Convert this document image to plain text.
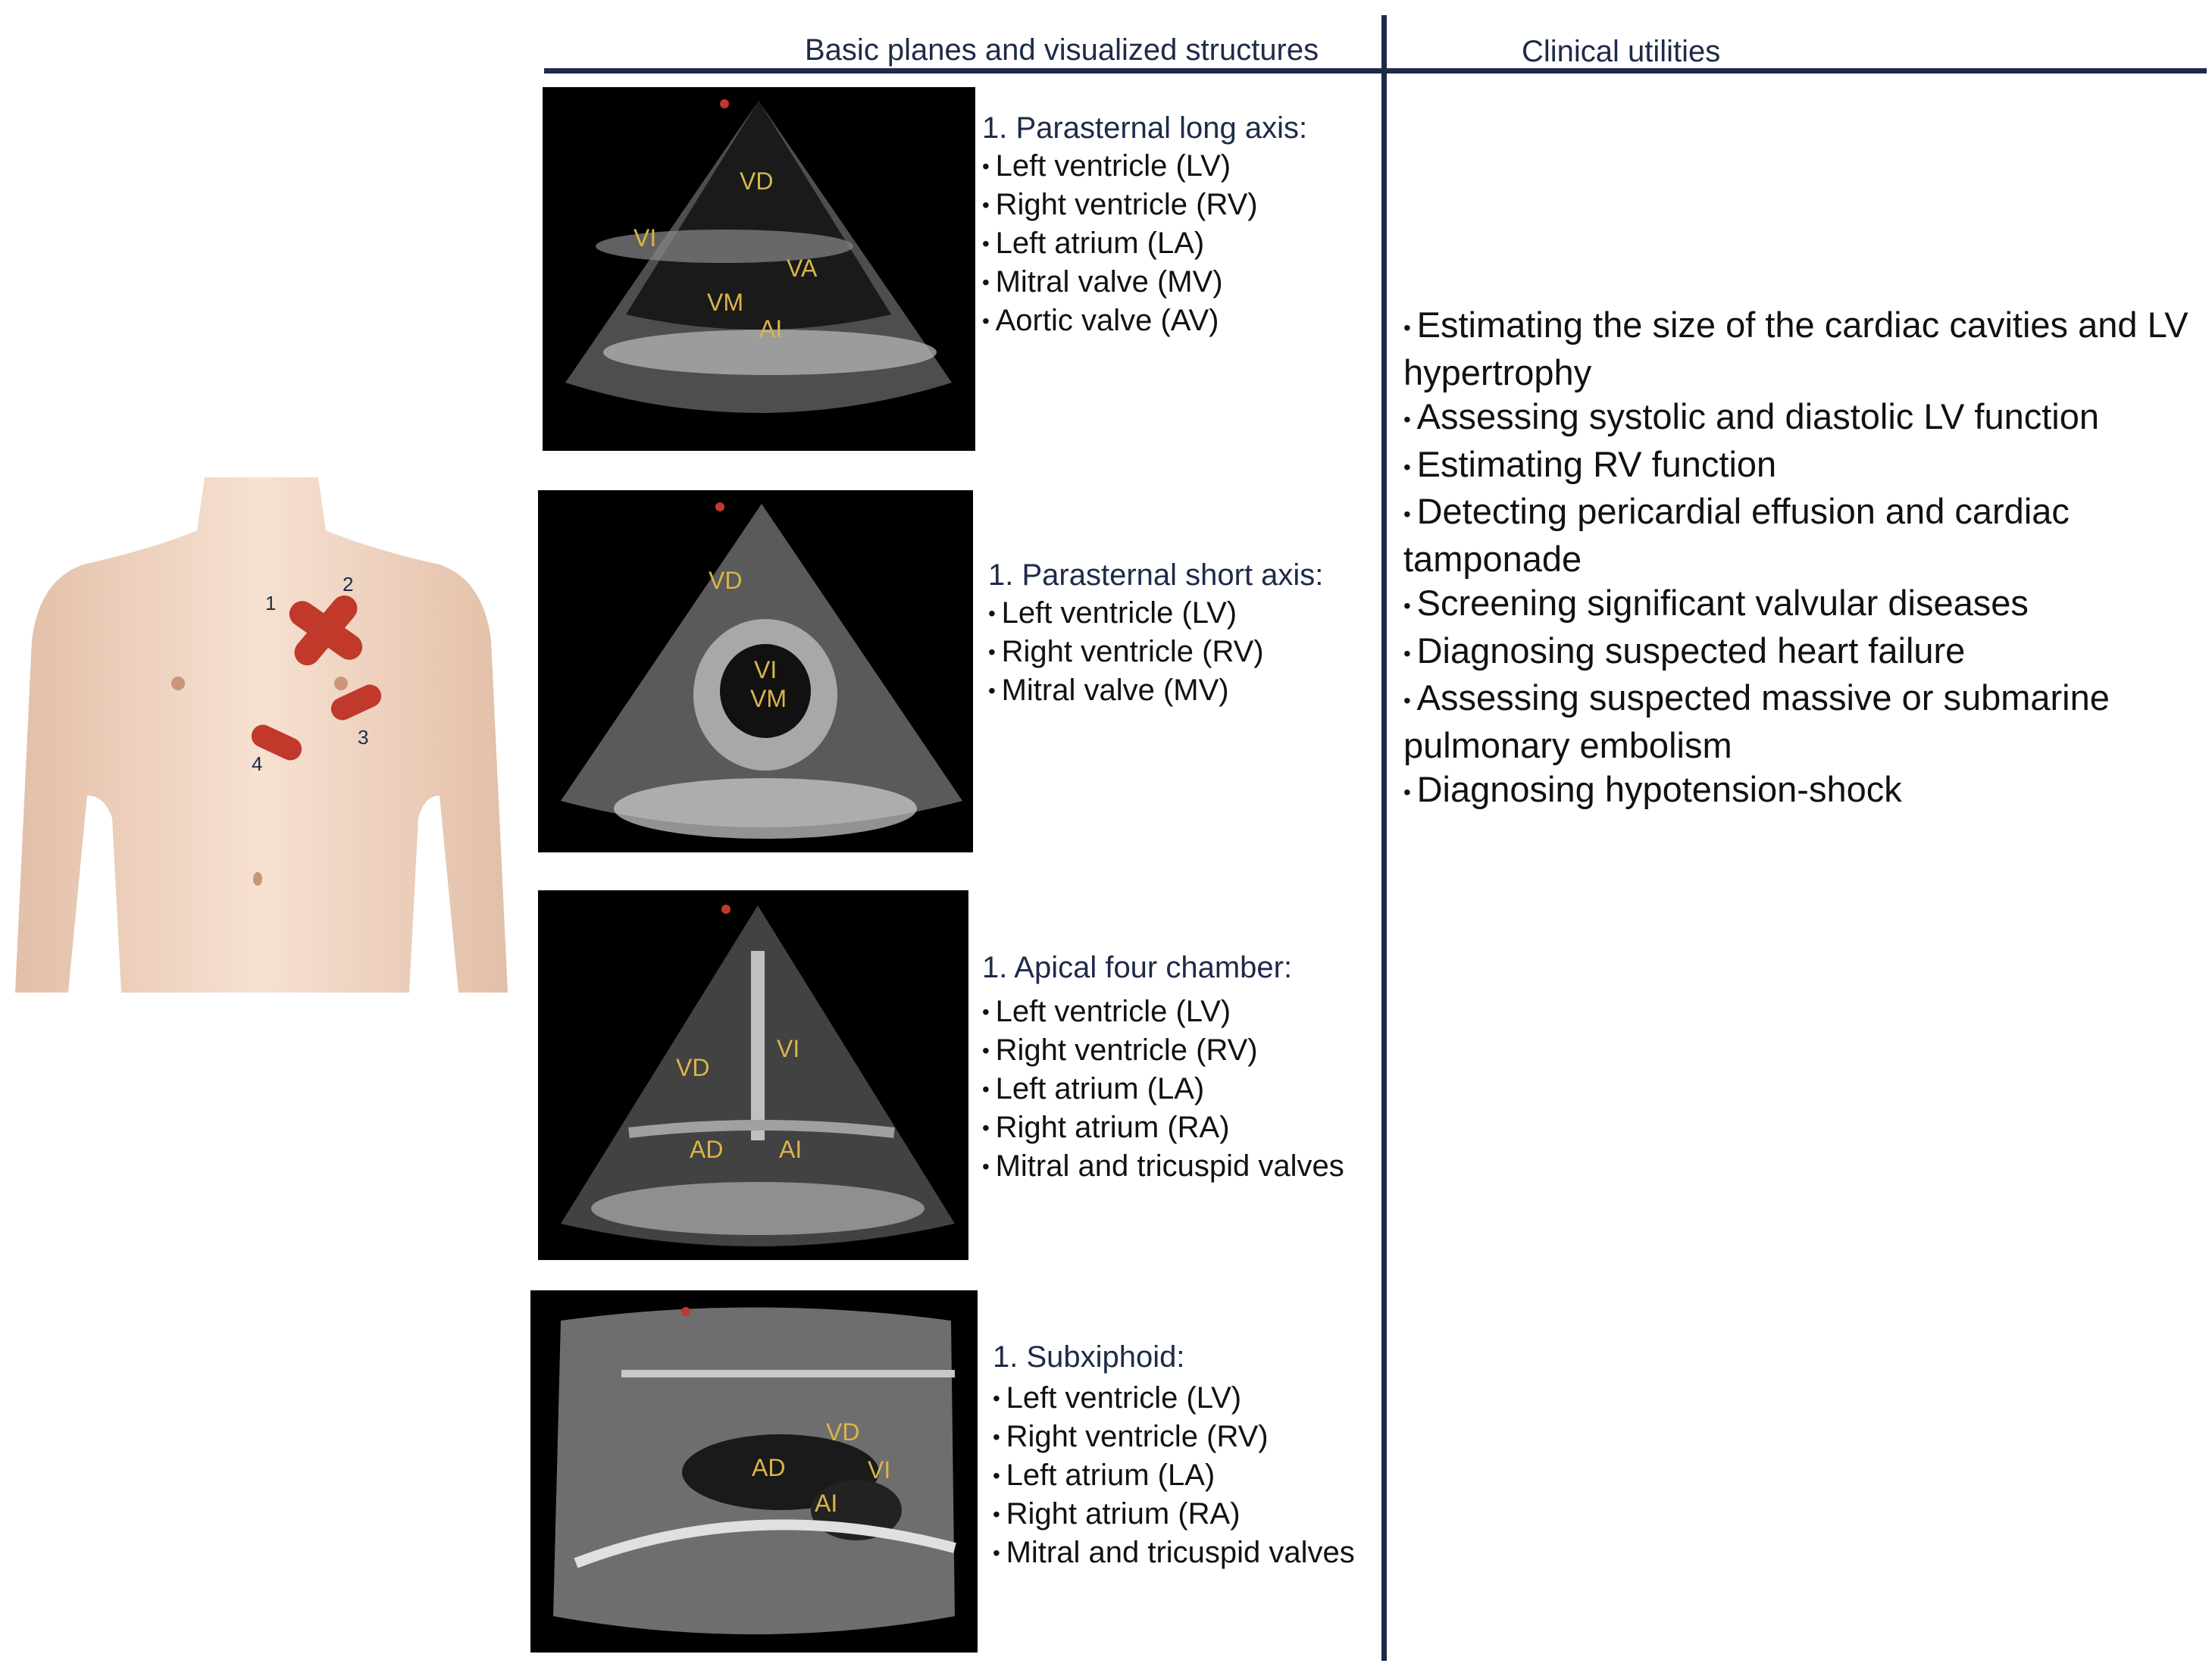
Basic planes and visualized structures	Clinical utilities
1
2
3
4
VD
VI
VA
VM
AI
VD
VI
VM
VI
VD
AD AI
VD
AD	VI
AI
1. Parasternal long axis:
• Left ventricle (LV)
• Right ventricle (RV)
• Left atrium (LA)
• Mitral valve (MV)
• Aortic valve (AV)
1. Parasternal short axis:
• Left ventricle (LV)
• Right ventricle (RV)
• Mitral valve (MV)
1. Apical four chamber:
• Left ventricle (LV)
• Right ventricle (RV)
• Left atrium (LA)
• Right atrium (RA)
• Mitral and tricuspid valves
1. Subxiphoid:
• Left ventricle (LV)
• Right ventricle (RV)
• Left atrium (LA)
• Right atrium (RA)
• Mitral and tricuspid valves
• Estimating the size of the cardiac cavities and LV hypertrophy
• Assessing systolic and diastolic LV function
• Estimating RV function
• Detecting pericardial effusion and cardiac tamponade
• Screening significant valvular diseases
• Diagnosing suspected heart failure
• Assessing suspected massive or submarine pulmonary embolism
• Diagnosing hypotension-shock
